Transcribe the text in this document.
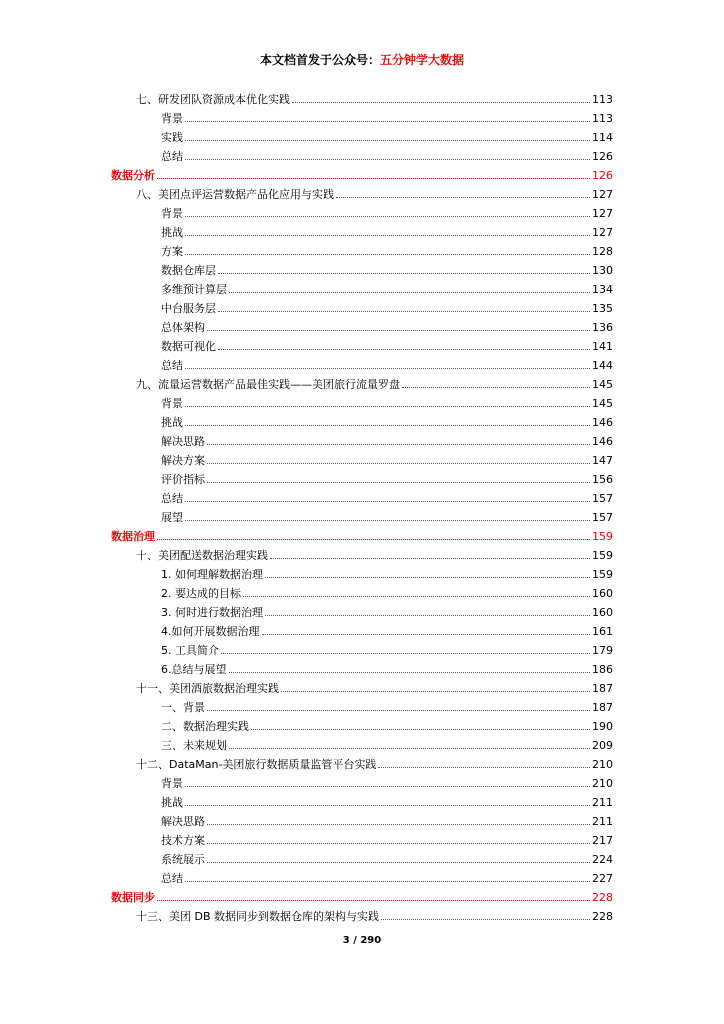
本文档首发于公众号：五分钟学大数据
七、研发团队资源成本优化实践	113
背景	113
实践	114
总结	126
数据分析	126
八、美团点评运营数据产品化应用与实践	127
背景	127
挑战	127
方案	128
数据仓库层	130
多维预计算层	134
中台服务层	135
总体架构	136
数据可视化	141
总结	144
九、流量运营数据产品最佳实践——美团旅行流量罗盘	145
背景	145
挑战	146
解决思路	146
解决方案	147
评价指标	156
总结	157
展望	157
数据治理	159
十、美团配送数据治理实践	159
1. 如何理解数据治理	159
2. 要达成的目标	160
3. 何时进行数据治理	160
4.如何开展数据治理	161
5. 工具简介	179
6.总结与展望	186
十一、美团酒旅数据治理实践	187
一、背景	187
二、数据治理实践	190
三、未来规划	209
十二、DataMan-美团旅行数据质量监管平台实践	210
背景	210
挑战	211
解决思路	211
技术方案	217
系统展示	224
总结	227
数据同步	228
十三、美团 DB 数据同步到数据仓库的架构与实践	228
3 / 290
